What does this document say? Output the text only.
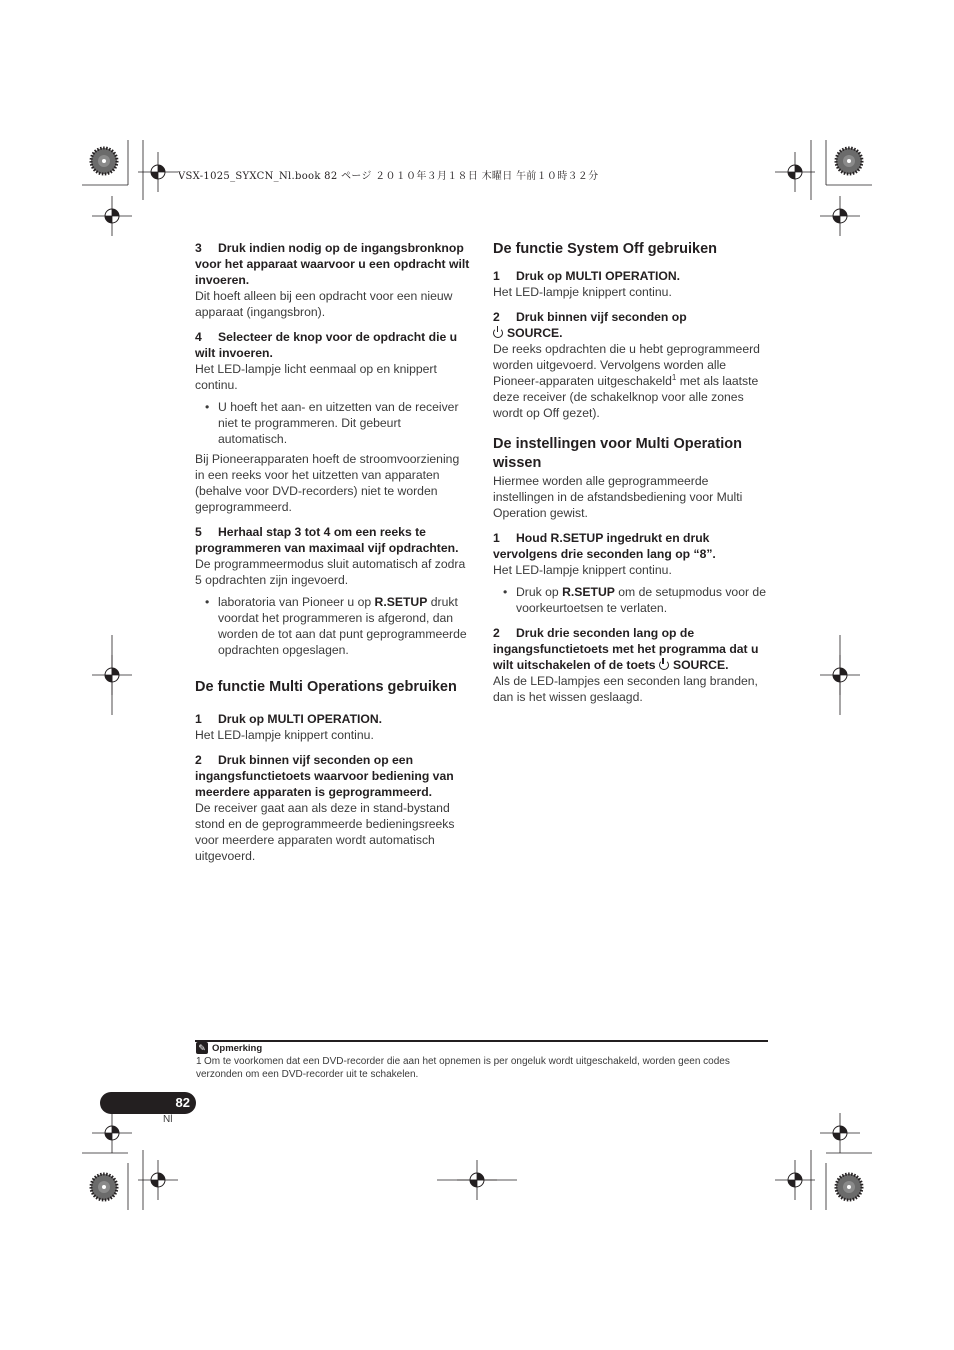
VSX-1025_SYXCN_Nl.book 82 ページ ２０１０年３月１８日 木曜日 午前１０時３２分

3 Druk indien nodig op de ingangsbronknop voor het apparaat waarvoor u een opdracht wilt invoeren.

Dit hoeft alleen bij een opdracht voor een nieuw apparaat (ingangsbron).

4 Selecteer de knop voor de opdracht die u wilt invoeren.

Het LED-lampje licht eenmaal op en knippert continu.

• U hoeft het aan- en uitzetten van de receiver niet te programmeren. Dit gebeurt automatisch.

Bij Pioneerapparaten hoeft de stroomvoorziening in een reeks voor het uitzetten van apparaten (behalve voor DVD-recorders) niet te worden geprogrammeerd.

5 Herhaal stap 3 tot 4 om een reeks te programmeren van maximaal vijf opdrachten.

De programmeermodus sluit automatisch af zodra 5 opdrachten zijn ingevoerd.

• laboratoria van Pioneer u op R.SETUP drukt voordat het programmeren is afgerond, dan worden de tot aan dat punt geprogrammeerde opdrachten opgeslagen.

De functie Multi Operations gebruiken

1 Druk op MULTI OPERATION.

Het LED-lampje knippert continu.

2 Druk binnen vijf seconden op een ingangsfunctietoets waarvoor bediening van meerdere apparaten is geprogrammeerd.

De receiver gaat aan als deze in stand-bystand stond en de geprogrammeerde bedieningsreeks voor meerdere apparaten wordt automatisch uitgevoerd.

De functie System Off gebruiken

1 Druk op MULTI OPERATION.

Het LED-lampje knippert continu.

2 Druk binnen vijf seconden op
SOURCE.

De reeks opdrachten die u hebt geprogrammeerd worden uitgevoerd. Vervolgens worden alle Pioneer-apparaten uitgeschakeld$^1$ met als laatste deze receiver (de schakelknop voor alle zones wordt op Off gezet).

De instellingen voor Multi Operation wissen

Hiermee worden alle geprogrammeerde instellingen in de afstandsbediening voor Multi Operation gewist.

1 Houd R.SETUP ingedrukt en druk vervolgens drie seconden lang op “8”.

Het LED-lampje knippert continu.

• Druk op R.SETUP om de setupmodus voor de voorkeurtoetsen te verlaten.

2 Druk drie seconden lang op de ingangsfunctietoets met het programma dat u wilt uitschakelen of de toets SOURCE.

Als de LED-lampjes een seconden lang branden, dan is het wissen geslaagd.

✎ Opmerking
1 Om te voorkomen dat een DVD-recorder die aan het opnemen is per ongeluk wordt uitgeschakeld, worden geen codes verzonden om een DVD-recorder uit te schakelen.
82
Nl
